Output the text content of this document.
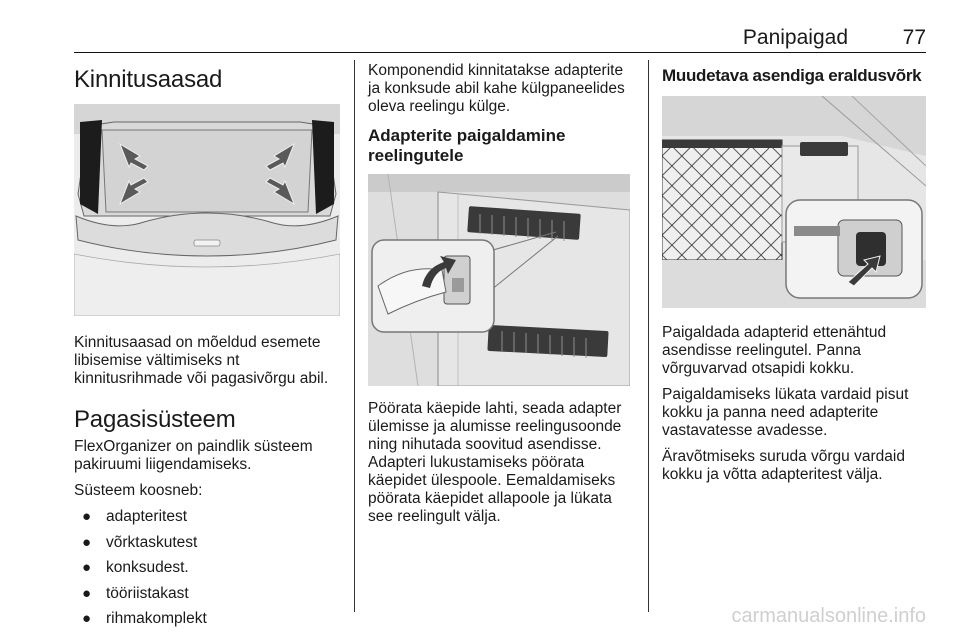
Panipaigad	77
Kinnitusaasad

Kinnitusaasad on mõeldud esemete libisemise vältimiseks nt kinnitusrihmade või pagasivõrgu abil.

Pagasisüsteem

FlexOrganizer on paindlik süsteem pakiruumi liigendamiseks.

Süsteem koosneb:

● adapteritest
● võrktaskutest
● konksudest.
● tööriistakast
● rihmakomplekt

Komponendid kinnitatakse adapterite ja konksude abil kahe külgpaneelides oleva reelingu külge.

Adapterite paigaldamine reelingutele

Pöörata käepide lahti, seada adapter ülemisse ja alumisse reelingusoonde ning nihutada soovitud asendisse. Adapteri lukustamiseks pöörata käepidet ülespoole. Eemaldamiseks pöörata käepidet allapoole ja lükata see reelingult välja.

Muudetava asendiga eraldusvõrk

Paigaldada adapterid ettenähtud asendisse reelingutel. Panna võrguvarvad otsapidi kokku.

Paigaldamiseks lükata vardaid pisut kokku ja panna need adapterite vastavatesse avadesse.

Äravõtmiseks suruda võrgu vardaid kokku ja võtta adapteritest välja.

carmanualsonline.info
